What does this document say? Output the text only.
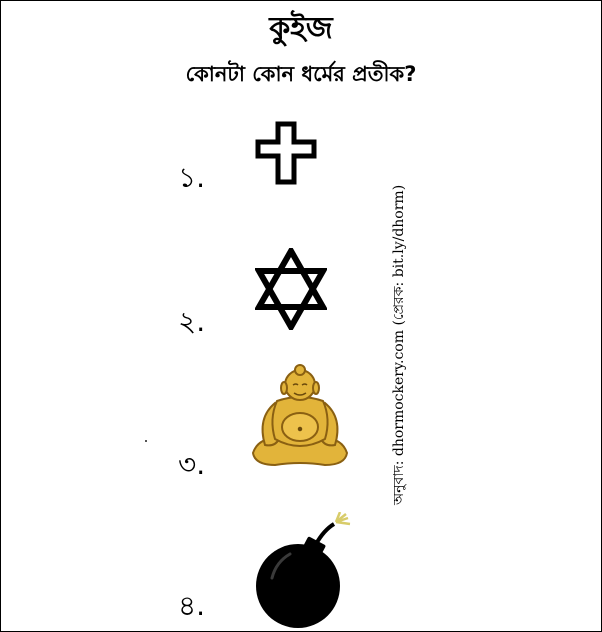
কুইজ
কোনটা কোন ধর্মের প্রতীক?
১.
২.
৩.
৪.
অনুবাদ: dhormockery.com (প্রেরক: bit.ly/dhorm)
